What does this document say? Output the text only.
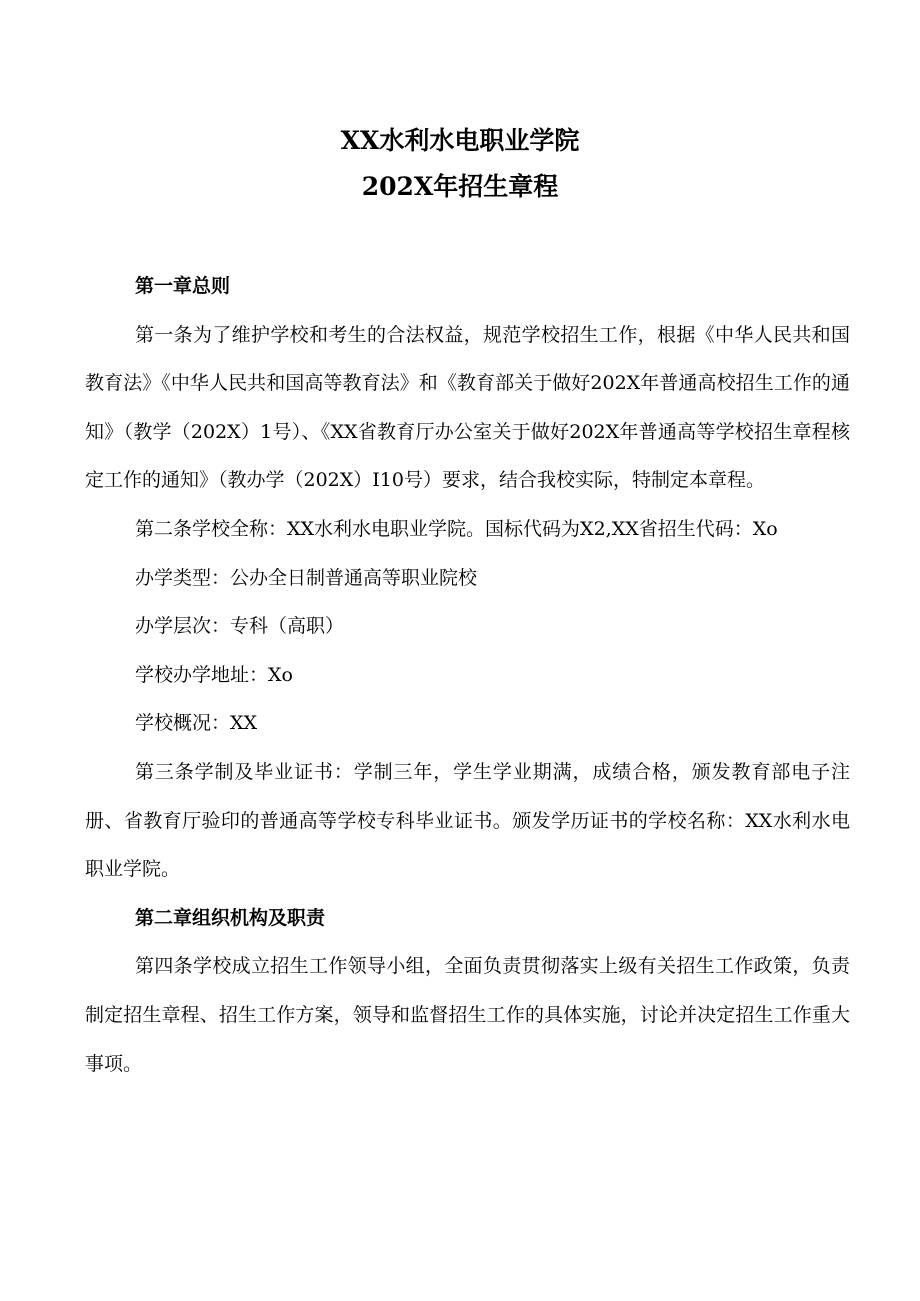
XX水利水电职业学院
202X年招生章程

第一章总则

第一条为了维护学校和考生的合法权益，规范学校招生工作，根据《中华人民共和国教育法》《中华人民共和国高等教育法》和《教育部关于做好202X年普通高校招生工作的通知》（教学（202X）1号）、《XX省教育厅办公室关于做好202X年普通高等学校招生章程核定工作的通知》（教办学（202X）I10号）要求，结合我校实际，特制定本章程。

第二条学校全称：XX水利水电职业学院。国标代码为X2,XX省招生代码：Xo

办学类型：公办全日制普通高等职业院校

办学层次：专科（高职）

学校办学地址：Xo

学校概况：XX

第三条学制及毕业证书：学制三年，学生学业期满，成绩合格，颁发教育部电子注册、省教育厅验印的普通高等学校专科毕业证书。颁发学历证书的学校名称：XX水利水电职业学院。

第二章组织机构及职责

第四条学校成立招生工作领导小组，全面负责贯彻落实上级有关招生工作政策，负责制定招生章程、招生工作方案，领导和监督招生工作的具体实施，讨论并决定招生工作重大事项。
